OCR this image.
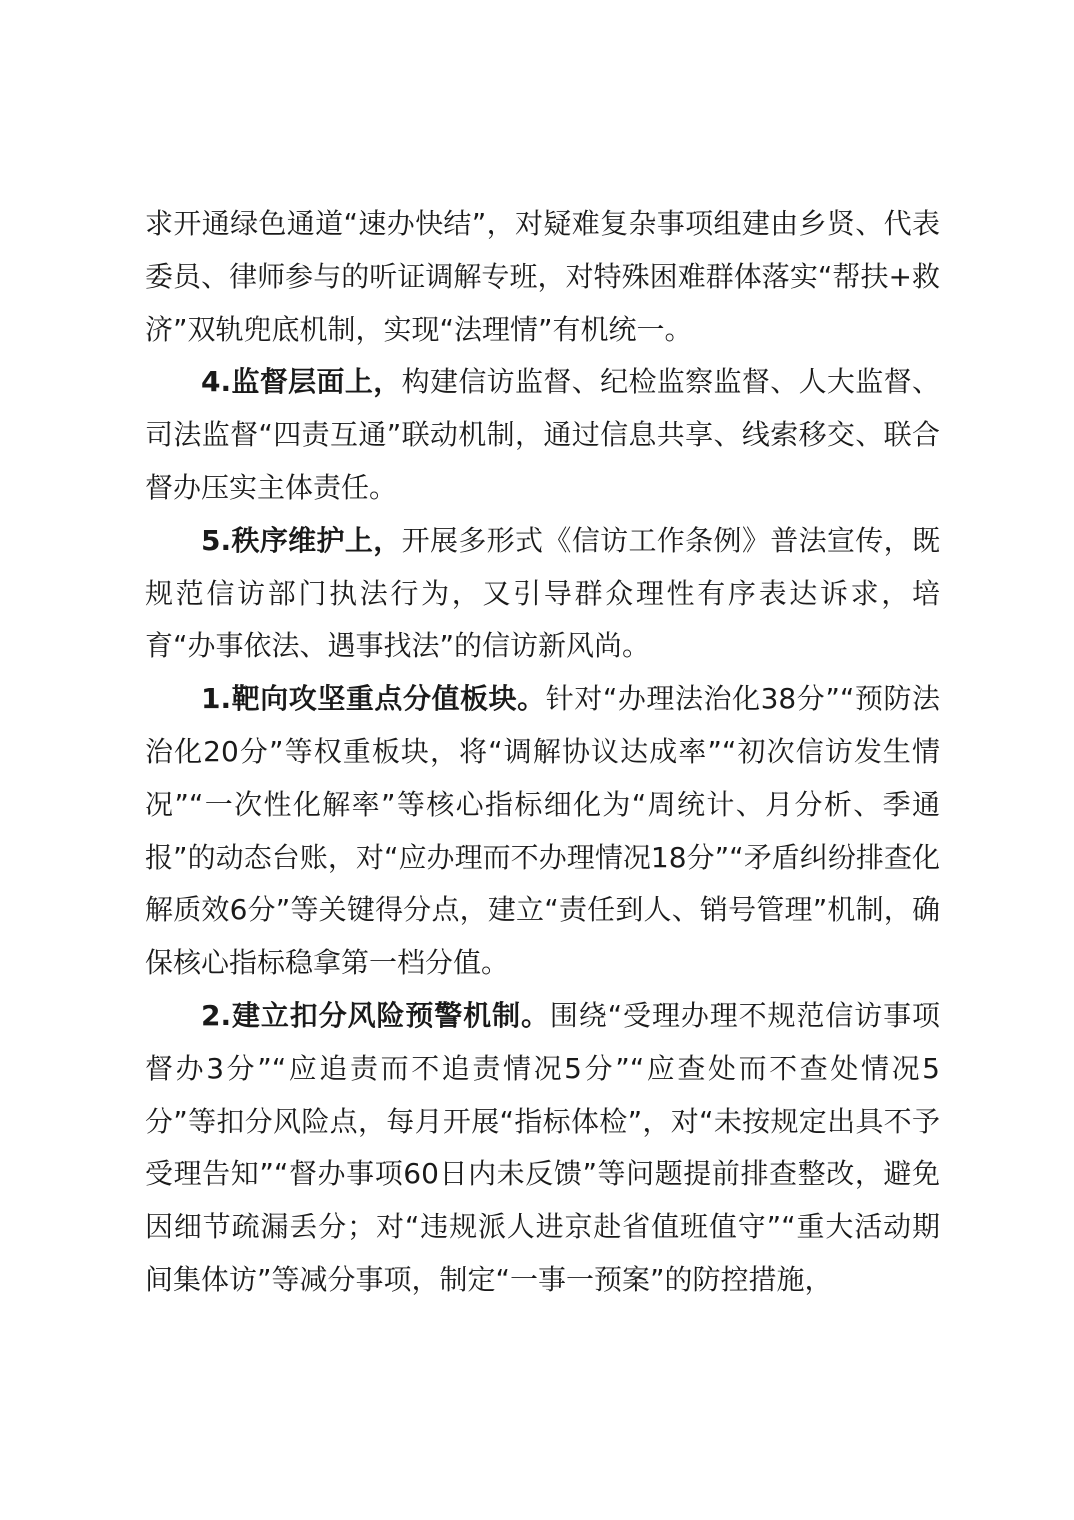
求开通绿色通道“速办快结”，对疑难复杂事项组建由乡贤、代表委员、律师参与的听证调解专班，对特殊困难群体落实“帮扶+救济”双轨兜底机制，实现“法理情”有机统一。

4.监督层面上，构建信访监督、纪检监察监督、人大监督、司法监督“四责互通”联动机制，通过信息共享、线索移交、联合督办压实主体责任。

5.秩序维护上，开展多形式《信访工作条例》普法宣传，既规范信访部门执法行为，又引导群众理性有序表达诉求，培育“办事依法、遇事找法”的信访新风尚。

1.靶向攻坚重点分值板块。针对“办理法治化38分”“预防法治化20分”等权重板块，将“调解协议达成率”“初次信访发生情况”“一次性化解率”等核心指标细化为“周统计、月分析、季通报”的动态台账，对“应办理而不办理情况18分”“矛盾纠纷排查化解质效6分”等关键得分点，建立“责任到人、销号管理”机制，确保核心指标稳拿第一档分值。

2.建立扣分风险预警机制。围绕“受理办理不规范信访事项督办3分”“应追责而不追责情况5分”“应查处而不查处情况5分”等扣分风险点，每月开展“指标体检”，对“未按规定出具不予受理告知”“督办事项60日内未反馈”等问题提前排查整改，避免因细节疏漏丢分；对“违规派人进京赴省值班值守”“重大活动期间集体访”等减分事项，制定“一事一预案”的防控措施，
